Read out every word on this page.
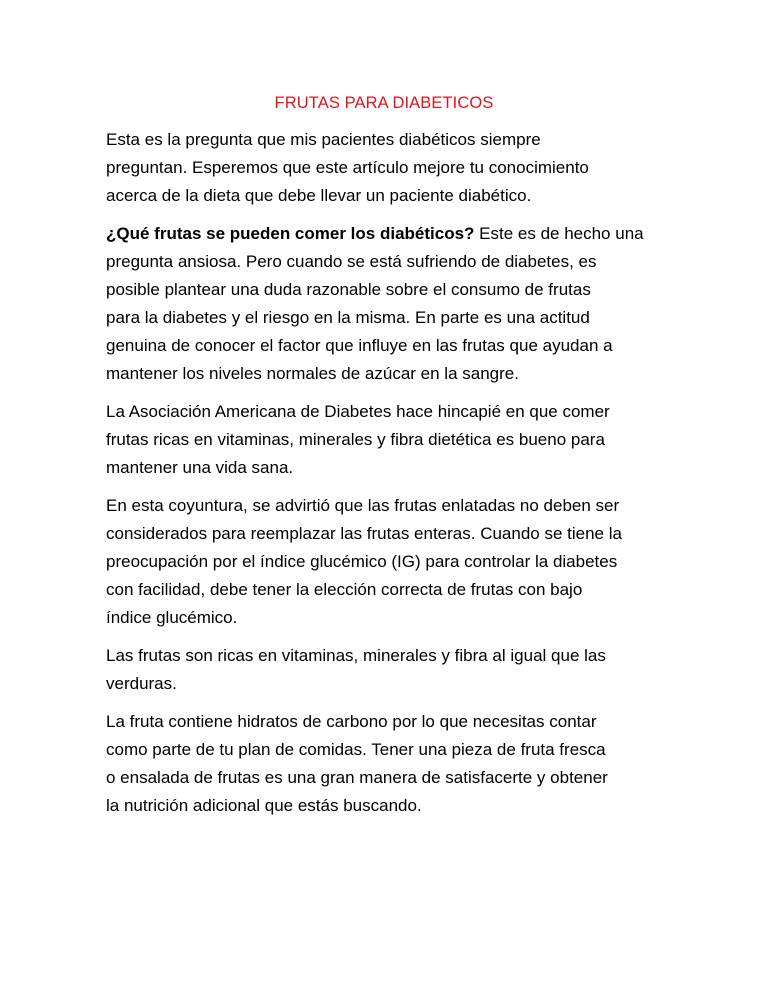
FRUTAS PARA DIABETICOS

Esta es la pregunta que mis pacientes diabéticos siempre
preguntan. Esperemos que este artículo mejore tu conocimiento
acerca de la dieta que debe llevar un paciente diabético.

¿Qué frutas se pueden comer los diabéticos? Este es de hecho una
pregunta ansiosa. Pero cuando se está sufriendo de diabetes, es
posible plantear una duda razonable sobre el consumo de frutas
para la diabetes y el riesgo en la misma. En parte es una actitud
genuina de conocer el factor que influye en las frutas que ayudan a
mantener los niveles normales de azúcar en la sangre.

La Asociación Americana de Diabetes hace hincapié en que comer
frutas ricas en vitaminas, minerales y fibra dietética es bueno para
mantener una vida sana.

En esta coyuntura, se advirtió que las frutas enlatadas no deben ser
considerados para reemplazar las frutas enteras. Cuando se tiene la
preocupación por el índice glucémico (IG) para controlar la diabetes
con facilidad, debe tener la elección correcta de frutas con bajo
índice glucémico.

Las frutas son ricas en vitaminas, minerales y fibra al igual que las
verduras.

La fruta contiene hidratos de carbono por lo que necesitas contar
como parte de tu plan de comidas. Tener una pieza de fruta fresca
o ensalada de frutas es una gran manera de satisfacerte y obtener
la nutrición adicional que estás buscando.
